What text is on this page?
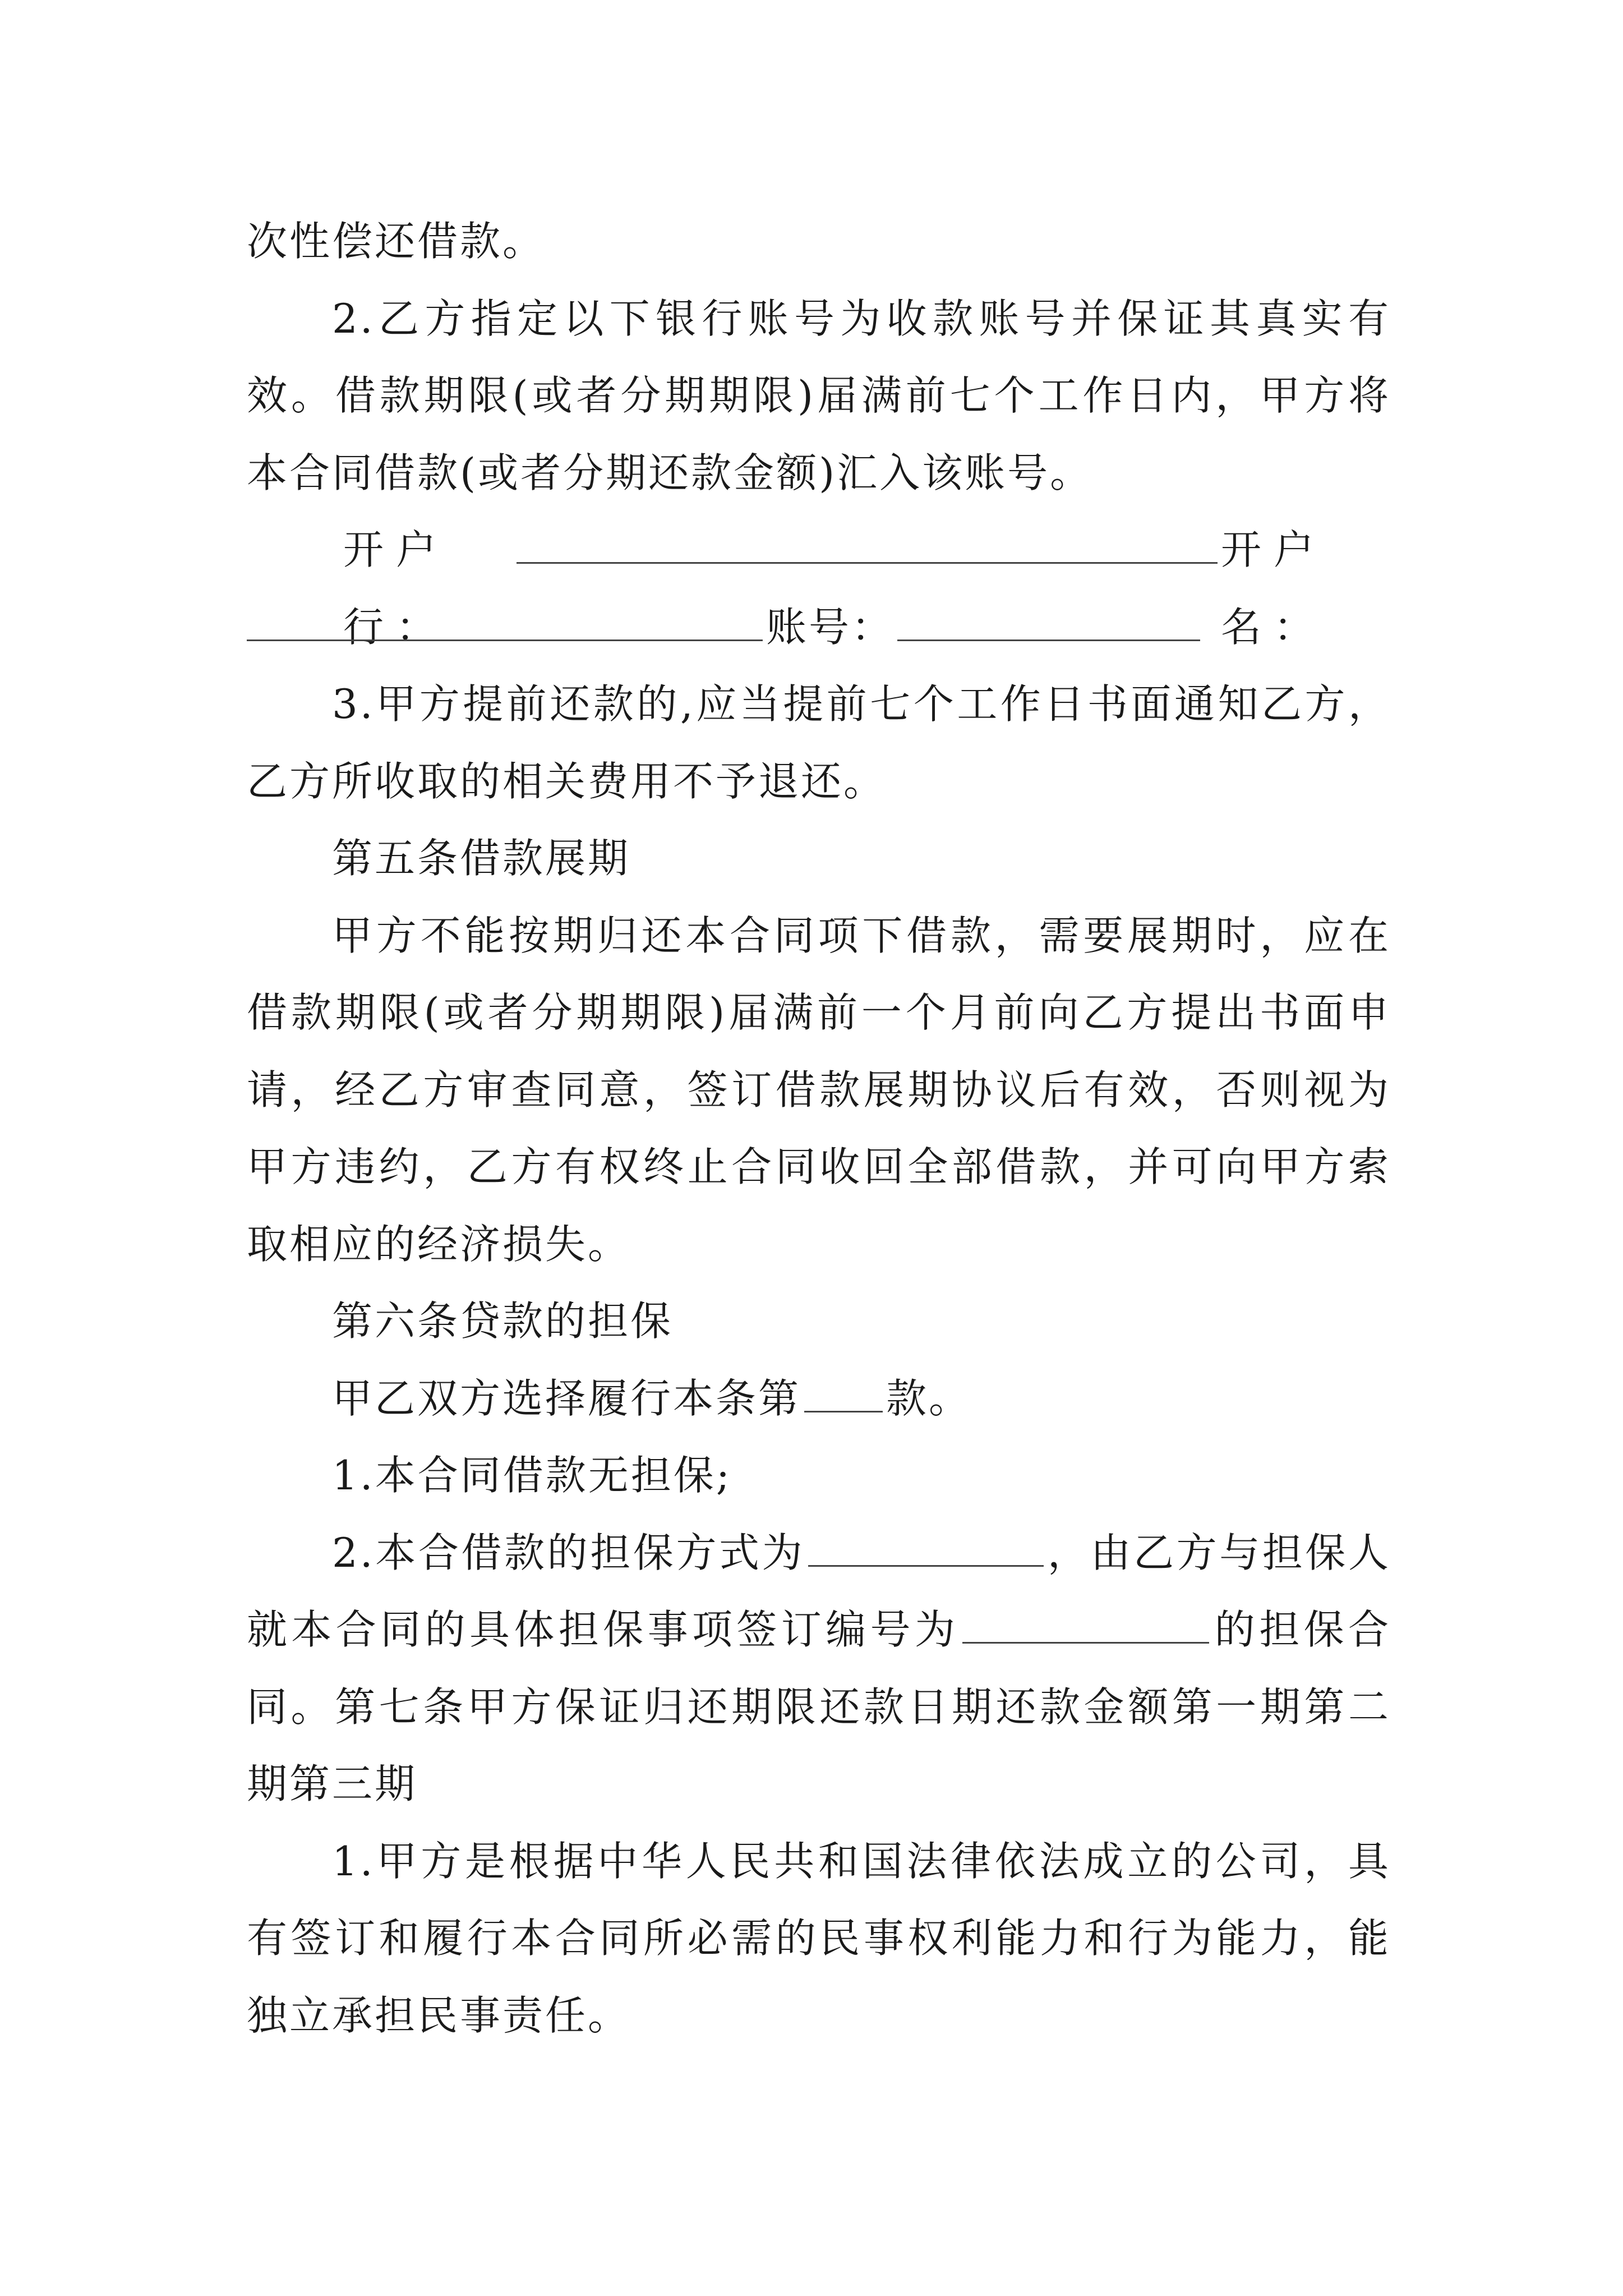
次性偿还借款。

2.乙方指定以下银行账号为收款账号并保证其真实有效。借款期限(或者分期期限)届满前七个工作日内，甲方将本合同借款(或者分期还款金额)汇入该账号。

开户行：
开户名：
账号：

3.甲方提前还款的,应当提前七个工作日书面通知乙方，乙方所收取的相关费用不予退还。

第五条借款展期

甲方不能按期归还本合同项下借款，需要展期时，应在借款期限(或者分期期限)届满前一个月前向乙方提出书面申请，经乙方审查同意，签订借款展期协议后有效，否则视为甲方违约，乙方有权终止合同收回全部借款，并可向甲方索取相应的经济损失。

第六条贷款的担保

甲乙双方选择履行本条第 款。

1.本合同借款无担保;

2.本合借款的担保方式为	，由乙方与担保人就本合同的具体担保事项签订编号为	的担保合同。第七条甲方保证归还期限还款日期还款金额第一期第二期第三期

1.甲方是根据中华人民共和国法律依法成立的公司，具有签订和履行本合同所必需的民事权利能力和行为能力，能独立承担民事责任。
